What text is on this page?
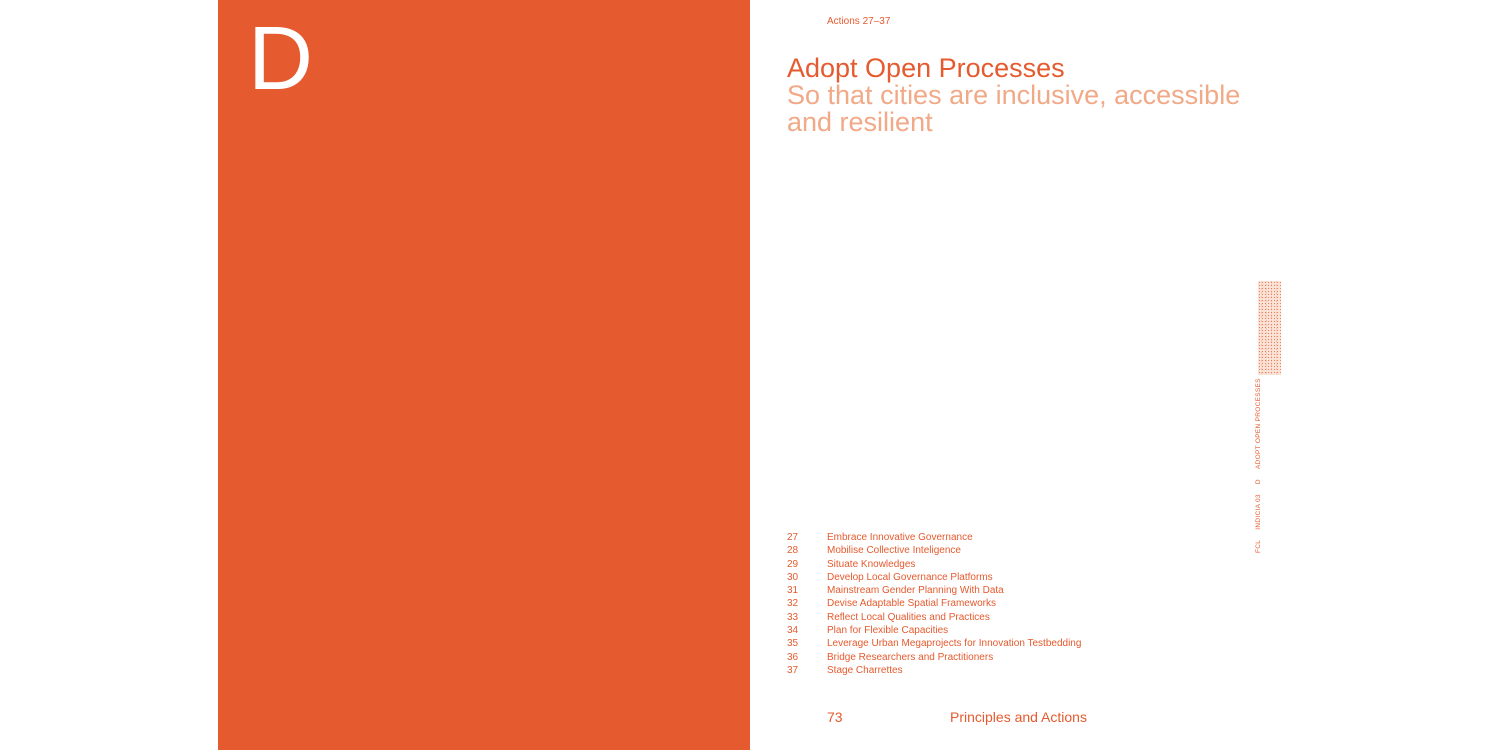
D	Actions 27–37
Adopt Open Processes
So that cities are inclusive, accessible and resilient
27	Embrace Innovative Governance
28	Mobilise Collective Inteligence
29	Situate Knowledges
30	Develop Local Governance Platforms
31	Mainstream Gender Planning With Data
32	Devise Adaptable Spatial Frameworks
33	Reflect Local Qualities and Practices
34	Plan for Flexible Capacities
35	Leverage Urban Megaprojects for Innovation Testbedding
36	Bridge Researchers and Practitioners
37	Stage Charrettes
73	Principles and Actions
FCL INDICIA 03 D ADOPT OPEN PROCESSES
